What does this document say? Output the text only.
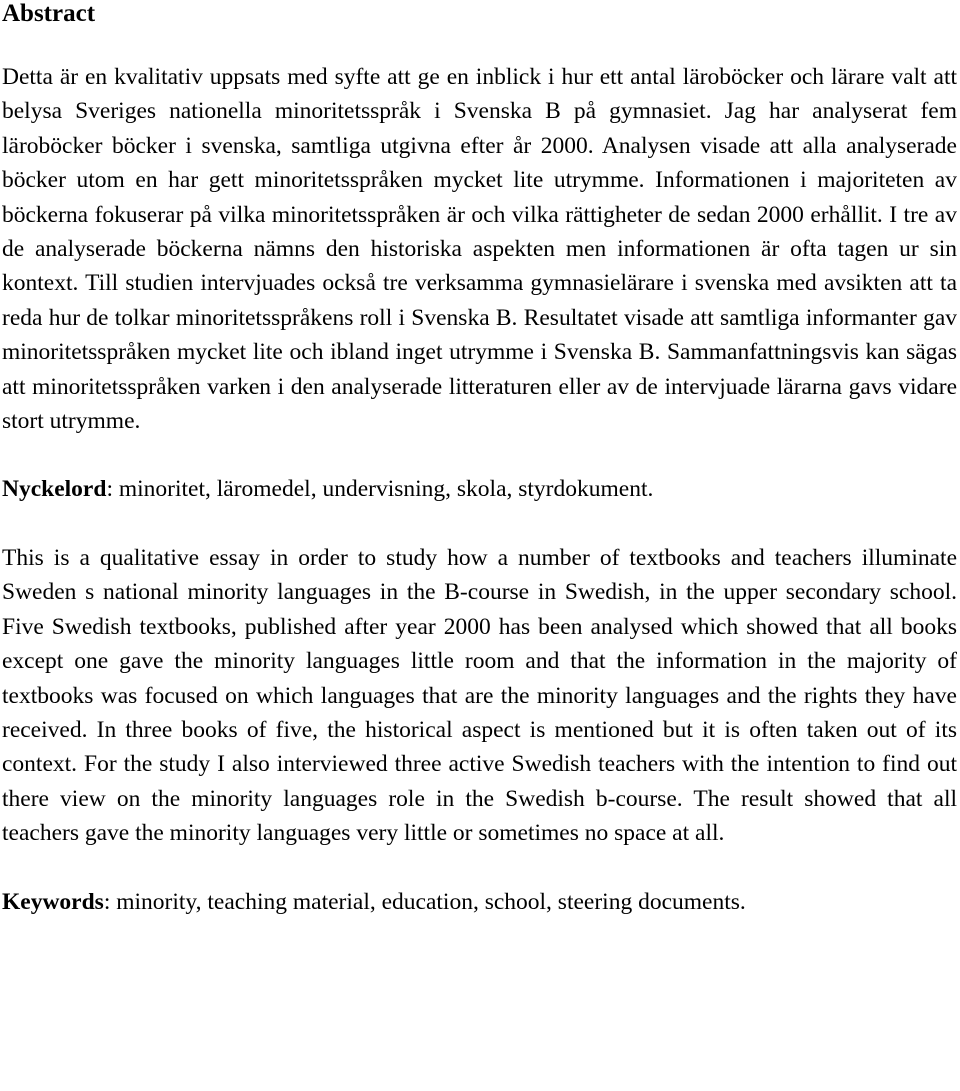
Abstract

Detta är en kvalitativ uppsats med syfte att ge en inblick i hur ett antal läroböcker och lärare valt att belysa Sveriges nationella minoritetsspråk i Svenska B på gymnasiet. Jag har analyserat fem läroböcker böcker i svenska, samtliga utgivna efter år 2000. Analysen visade att alla analyserade böcker utom en har gett minoritetsspråken mycket lite utrymme. Informationen i majoriteten av böckerna fokuserar på vilka minoritetsspråken är och vilka rättigheter de sedan 2000 erhållit. I tre av de analyserade böckerna nämns den historiska aspekten men informationen är ofta tagen ur sin kontext. Till studien intervjuades också tre verksamma gymnasielärare i svenska med avsikten att ta reda hur de tolkar minoritetsspråkens roll i Svenska B. Resultatet visade att samtliga informanter gav minoritetsspråken mycket lite och ibland inget utrymme i Svenska B. Sammanfattningsvis kan sägas att minoritetsspråken varken i den analyserade litteraturen eller av de intervjuade lärarna gavs vidare stort utrymme.

Nyckelord: minoritet, läromedel, undervisning, skola, styrdokument.

This is a qualitative essay in order to study how a number of textbooks and teachers illuminate Sweden s national minority languages in the B-course in Swedish, in the upper secondary school. Five Swedish textbooks, published after year 2000 has been analysed which showed that all books except one gave the minority languages little room and that the information in the majority of textbooks was focused on which languages that are the minority languages and the rights they have received. In three books of five, the historical aspect is mentioned but it is often taken out of its context. For the study I also interviewed three active Swedish teachers with the intention to find out there view on the minority languages role in the Swedish b-course. The result showed that all teachers gave the minority languages very little or sometimes no space at all.

Keywords: minority, teaching material, education, school, steering documents.
